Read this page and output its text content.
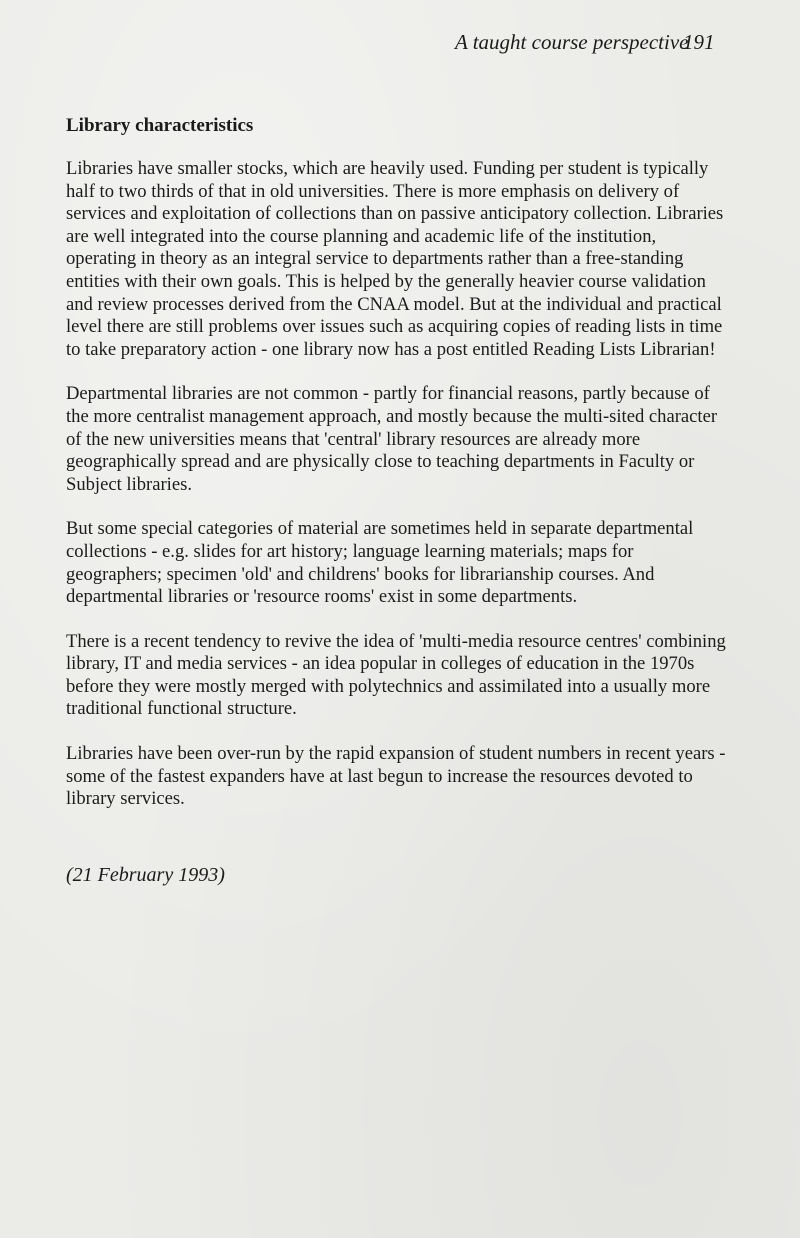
A taught course perspective
191
Library characteristics

Libraries have smaller stocks, which are heavily used. Funding per student is typically half to two thirds of that in old universities. There is more emphasis on delivery of services and exploitation of collections than on passive anticipatory collection. Libraries are well integrated into the course planning and academic life of the institution, operating in theory as an integral service to departments rather than a free-standing entities with their own goals. This is helped by the generally heavier course validation and review processes derived from the CNAA model. But at the individual and practical level there are still problems over issues such as acquiring copies of reading lists in time to take preparatory action - one library now has a post entitled Reading Lists Librarian!

Departmental libraries are not common - partly for financial reasons, partly because of the more centralist management approach, and mostly because the multi-sited character of the new universities means that 'central' library resources are already more geographically spread and are physically close to teaching departments in Faculty or Subject libraries.

But some special categories of material are sometimes held in separate departmental collections - e.g. slides for art history; language learning materials; maps for geographers; specimen 'old' and childrens' books for librarianship courses. And departmental libraries or 'resource rooms' exist in some departments.

There is a recent tendency to revive the idea of 'multi-media resource centres' combining library, IT and media services - an idea popular in colleges of education in the 1970s before they were mostly merged with polytechnics and assimilated into a usually more traditional functional structure.

Libraries have been over-run by the rapid expansion of student numbers in recent years - some of the fastest expanders have at last begun to increase the resources devoted to library services.

(21 February 1993)
